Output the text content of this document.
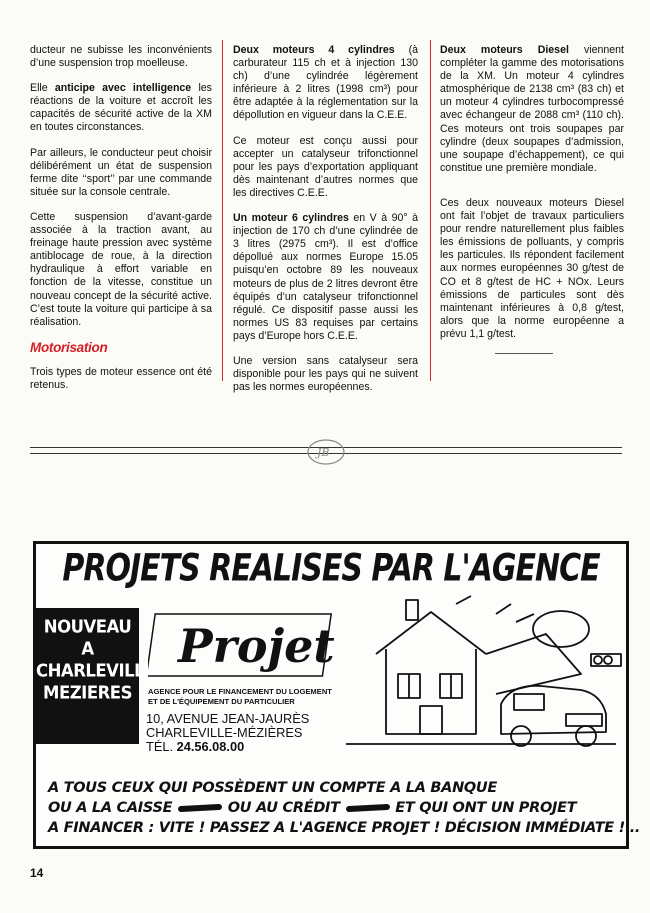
ducteur ne subisse les inconvénients d’une suspension trop moelleuse.

Elle anticipe avec intelligence les réactions de la voiture et accroît les capacités de sécurité active de la XM en toutes circonstances.

Par ailleurs, le conducteur peut choisir délibérément un état de suspension ferme dite ‘‘sport’’ par une commande située sur la console centrale.

Cette suspension d’avant-garde associée à la traction avant, au freinage haute pression avec système antiblocage de roue, à la direction hydraulique à effort variable en fonction de la vitesse, constitue un nouveau concept de la sécurité active. C’est toute la voiture qui participe à sa réalisation.

Motorisation

Trois types de moteur essence ont été retenus.

Deux moteurs 4 cylindres (à carburateur 115 ch et à injection 130 ch) d’une cylindrée légèrement inférieure à 2 litres (1998 cm³) pour être adaptée à la réglementation sur la dépollution en vigueur dans la C.E.E.

Ce moteur est conçu aussi pour accepter un catalyseur trifonctionnel pour les pays d’exportation appliquant dès maintenant d’autres normes que les directives C.E.E.

Un moteur 6 cylindres en V à 90° à injection de 170 ch d’une cylindrée de 3 litres (2975 cm³). Il est d’office dépollué aux normes Europe 15.05 puisqu’en octobre 89 les nouveaux moteurs de plus de 2 litres devront être équipés d’un catalyseur trifonctionnel régulé. Ce dispositif passe aussi les normes US 83 requises par certains pays d’Europe hors C.E.E.

Une version sans catalyseur sera disponible pour les pays qui ne suivent pas les normes européennes.

Deux moteurs Diesel viennent compléter la gamme des motorisations de la XM. Un moteur 4 cylindres atmosphérique de 2138 cm³ (83 ch) et un moteur 4 cylindres turbocompressé avec échangeur de 2088 cm³ (110 ch). Ces moteurs ont trois soupapes par cylindre (deux soupapes d’admission, une soupape d’échappement), ce qui constitue une première mondiale.

Ces deux nouveaux moteurs Diesel ont fait l’objet de travaux particuliers pour rendre naturellement plus faibles les émissions de polluants, y compris les particules. Ils répondent facilement aux normes européennes 30 g/test de CO et 8 g/test de HC + NOx. Leurs émissions de particules sont dès maintenant inférieures à 0,8 g/test, alors que la norme européenne a prévu 1,1 g/test.

JB
PROJETS REALISES PAR L'AGENCE
NOUVEAU
A
CHARLEVILLE
MEZIERES
Projet
AGENCE POUR LE FINANCEMENT DU LOGEMENT
ET DE L'ÉQUIPEMENT DU PARTICULIER
10, AVENUE JEAN-JAURÈS
CHARLEVILLE-MÉZIÈRES
TÉL. 24.56.08.00
A TOUS CEUX QUI POSSÈDENT UN COMPTE A LA BANQUE
OU A LA CAISSE	OU AU CRÉDIT	ET QUI ONT UN PROJET
A FINANCER : VITE ! PASSEZ A L'AGENCE PROJET ! DÉCISION IMMÉDIATE ! ..
14
